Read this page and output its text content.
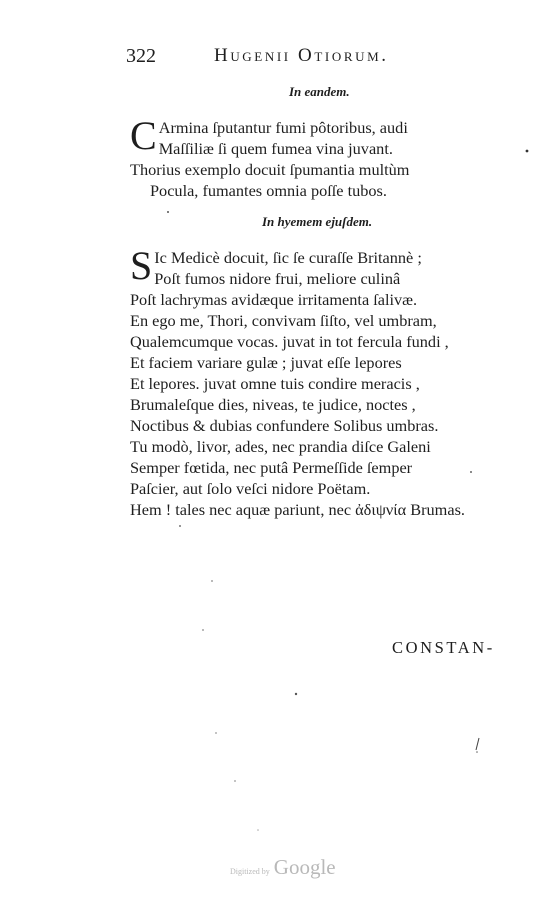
322	Hugenii Otiorum.
In eandem.
C Armina ſputantur fumi pôtoribus, audi
Maſſiliæ ſi quem fumea vina juvant.
Thorius exemplo docuit ſpumantia multùm
Pocula, fumantes omnia poſſe tubos.
In hyemem ejuſdem.
S Ic Medicè docuit, ſic ſe curaſſe Britannè ;
Poſt fumos nidore frui, meliore culinâ
Poſt lachrymas avidæque irritamenta ſalivæ.
En ego me, Thori, convivam ſiſto, vel umbram,
Qualemcumque vocas. juvat in tot fercula fundi ,
Et faciem variare gulæ ; juvat eſſe lepores
Et lepores. juvat omne tuis condire meracis ,
Brumaleſque dies, niveas, te judice, noctes ,
Noctibus & dubias confundere Solibus umbras.
Tu modò, livor, ades, nec prandia diſce Galeni
Semper fœtida, nec putâ Permeſſide ſemper
Paſcier, aut ſolo veſci nidore Poëtam.
Hem ! tales nec aquæ pariunt, nec ἀδιψνία Brumas.
CONSTAN-
Digitized by Google
